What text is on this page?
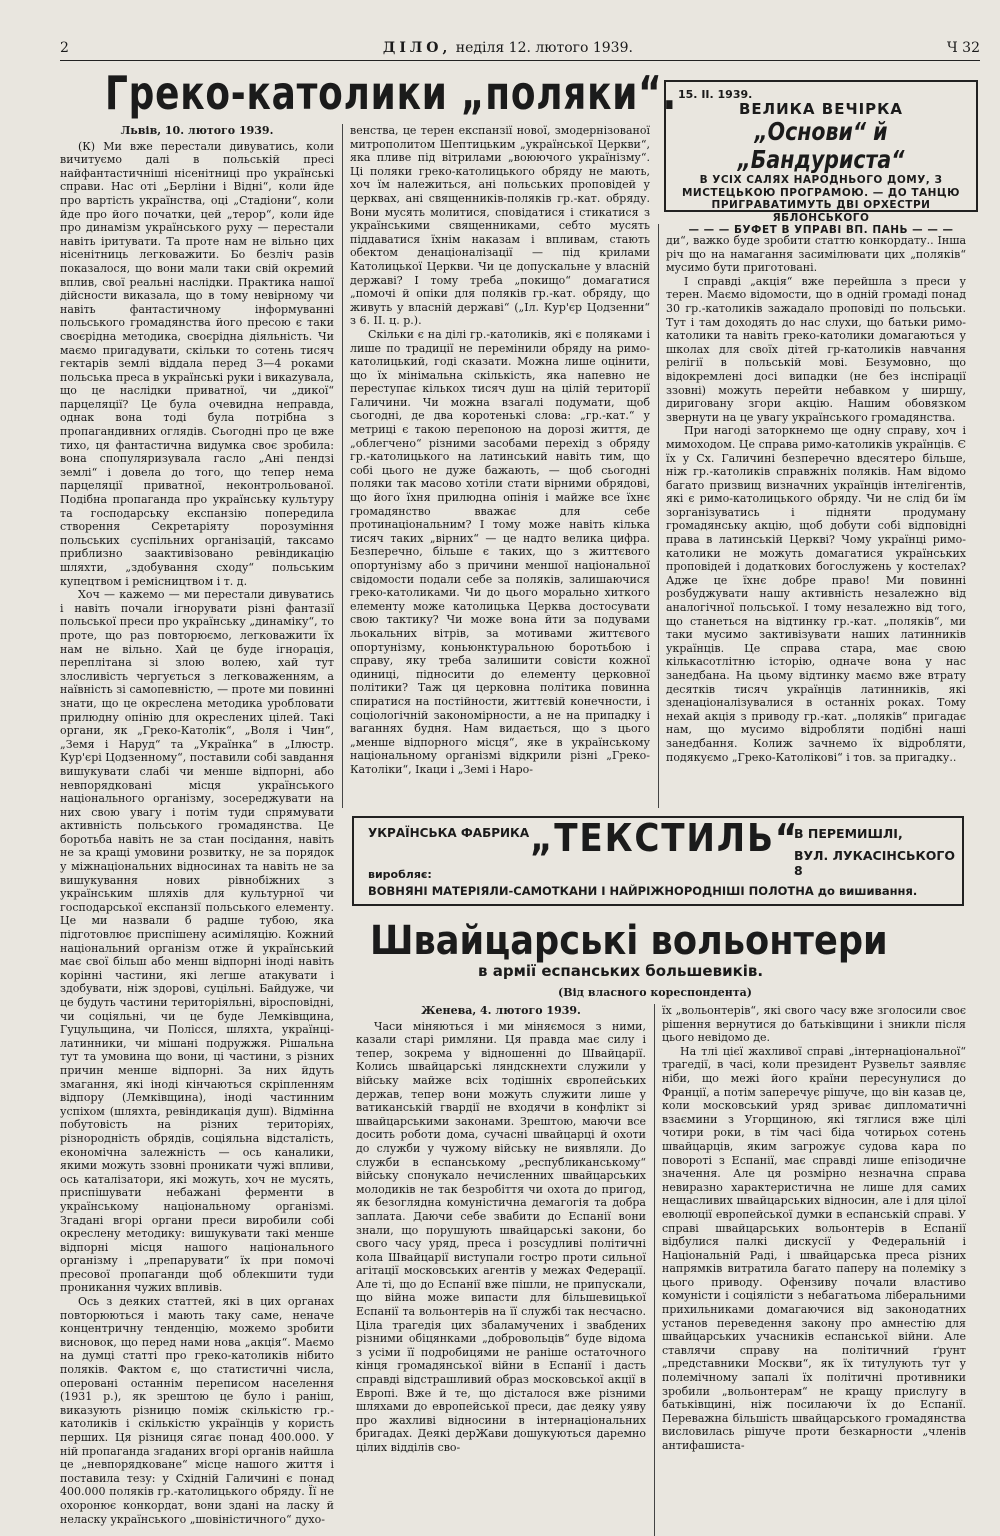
2	ДІЛО, неділя 12. лютого 1939.	Ч 32
Греко-католики „поляки“.

Львів, 10. лютого 1939.

(К) Ми вже перестали дивуватись, коли вичитуємо далі в польській пресі найфантастичніші нісенітниці про українські справи. Нас оті „Берліни і Відні“, коли йде про вартість українства, оці „Стадіони“, коли йде про його початки, цей „терор“, коли йде про динамізм українського руху — перестали навіть іритувати. Та проте нам не вільно цих нісенітниць легковажити. Бо безліч разів показалося, що вони мали таки свій окремий вплив, свої реальні наслідки. Практика нашої дійсности виказала, що в тому невірному чи навіть фантастичному інформуванні польського громадянства його пресою є таки своєрідна методика, своєрідна діяльність. Чи маємо пригадувати, скільки то сотень тисяч гектарів землі віддала перед 3—4 роками польська преса в українські руки і викazувала, що це наслідки приватної, чи „дикої“ парцеляції? Це була очевидна неправда, однак вона тоді була потрібна з пропагандивних оглядів. Сьогодні про це вже тихо, ця фантастична видумка своє зробила: вона спопуляризувала гасло „Ані пендзі землі“ і довела до того, що тепер нема парцеляції приватної, неконтрольованої. Подібна пропаганда про українську культуру та господарську експанзію попередила створення Секретаріяту порозуміння польських суспільних організацій, таксамо приблизно заактивізовано ревіндикацію шляхти, „здобування сходу“ польським купецтвом і ремісництвом і т. д.

Хоч — кажемо — ми перестали дивуватись і навіть почали ігнорувати різні фантазії польської преси про українську „динаміку“, то проте, що раз повторюємо, легковажити їх нам не вільно. Хай це буде ігнорація, переплітана зі злою волею, хай тут злосливість чергується з легковаженням, а наївність зі самопевністю, — проте ми повинні знати, що це окреслена методика уробловати прилюдну опінію для окреслених цілей. Такі органи, як „Греко-Католік“, „Воля і Чин“, „Земя і Нарyд“ та „Українка“ в „Ілюстр. Кур'єрі Цодзенному“, поставили собі завдання вишукувати слабі чи менше відпорні, або невпорядковані місця українського національного організму, зосереджувати на них свою увагу і потім туди спрямувати активність польського громадянства. Це боротьба навіть не за стан посідання, навіть не за кращі умовини розвитку, не за порядок у міжнаціональних відносинах та навіть не за вишукування нових рівнобіжних з українським шляхів для культурної чи господарської експанзії польського елементу. Це ми назвали б радше тубою, яка підготовлює приспішену асиміляцію. Кожний національний організм отже й український має свої більш або менш відпорні іноді навіть корінні частини, які легше атакувати і здобувати, ніж здорові, суцільні. Байдуже, чи це будуть частини територіяльні, віросповідні, чи соціяльні, чи це буде Лемківщина, Гуцульщина, чи Полісся, шляхта, українці-латинники, чи мішані подружжя. Рішальна тут та умовина що вони, ці частини, з різних причин менше відпорні. За них йдуть змагання, які іноді кінчаються скріпленням відпору (Лемківщина), іноді частинним успіхом (шляхта, ревіндикація душ). Відмінна побутовість на різних територіях, різнородність обрядів, соціяльна відсталість, економічна залежність — ось каналики, якими можуть ззовні проникати чужі впливи, ось каталізатори, які можуть, хоч не мусять, приспішувати небажані ферменти в українському національному організмі. Згадані вгорі органи преси виробили собі окреслену методику: вишукувати такі менше відпорні місця нашого національного організму і „препарувати“ їх при помочі пресової пропаганди щоб облекшити туди проникання чужих впливів.

Ось з деяких статтей, які в цих органах повторюються і мають таку саме, неначе концентричну тенденцію, можемо зробити висновок, що перед нами нова „акція“. Маємо на думці статті про греко-католиків нібито поляків. Фактом є, що статистичні числа, оперовані останнім переписом населення (1931 р.), як зрештою це було і раніш, виказують різницю поміж скількістю гр.-католиків і скількістю українців у користь перших. Ця різниця сягає понад 400.000. У ній пропаганда згаданих вгорі органів найшла це „невпорядковане“ місце нашого життя і поставила тезу: у Східній Галичині є понад 400.000 поляків гр.-католицького обряду. Її не охоронює конкордат, вони здані на ласку й неласку українського „шовіністичного“ духо-

венства, це терен експанзії нової, змодернізованої митрополитом Шептицьким „української Церкви“, яка пливе під вітрилами „воюючого українізму“. Ці поляки греко-католицького обряду не мають, хоч їм належиться, ані польських проповідей у церквах, ані священників-поляків гр.-кат. обряду. Вони мусять молитися, сповідатися і стикатися з українськими священниками, себто мусять піддаватися їхнім наказам і впливам, стають обектом денаціоналізації — під крилами Католицької Церкви. Чи це допускальне у власній державі? І тому треба „покищо“ домагатися „помочі й опіки для поляків гр.-кат. обряду, що живуть у власній державі“ („Іл. Кур'єр Цодзенни“ з 6. II. ц. р.).

Скільки є на ділі гр.-католиків, які є поляками і лише по традиції не перемінили обряду на римо-католицький, годі сказати. Можна лише оцінити, що їх мінімальна скількість, яка напевно не переступає кількох тисяч душ на цілій території Галичини. Чи можна взагалі подумати, щоб сьогодні, де два коротенькі слова: „гр.-кат.“ у метриці є такою перепоною на дорозі життя, де „облегчено“ різними засобами перехід з обряду гр.-католицького на латинський навіть тим, що собі цього не дуже бажають, — щоб сьогодні поляки так масово хотіли стати вірними обрядові, що його їхня прилюдна опінія і майже все їхнє громадянство вважає для себе протинаціональним? І тому може навіть кілька тисяч таких „вірних“ — це надто велика цифра. Безперечно, більше є таких, що з життєвого опортунізму або з причини меншої національної свідомости подали себе за поляків, залишаючися греко-католиками. Чи до цього морально хиткого елементу може католицька Церква достосувати свою тактику? Чи може вона йти за подувами льокальних вітрів, за мотивами життєвого опортунізму, коньюнктуральною боротьбою і справу, яку треба залишити совісти кожної одиниці, підносити до елементу церковної політики? Таж ця церковна політика повинна спиратися на постійности, життєвій конечности, і соціологічній закономірности, а не на припадку і ваганнях будня. Нам видається, що з цього „менше відпорного місця“, яке в українському національному організмі відкрили різні „Греко-Католіки“, Ікаци і „Земі і Наро-

15. II. 1939.
ВЕЛИКА ВЕЧІРКА
„Основи“ й „Бандуриста“
В УСІХ САЛЯХ НАРОДНЬОГО ДОМУ, З МИСТЕЦЬКОЮ ПРОГРАМОЮ. — ДО ТАНЦЮ ПРИГРАВАТИМУТЬ ДВІ ОРХЕСТРИ ЯБЛОНСЬКОГО
— — — БУФЕТ В УПРАВІ ВП. ПАНЬ — — —

ди“, важко буде зробити статтю конкордату.. Інша річ що на намагання засимілювати цих „поляків“ мусимо бути приготовані.

І справді „акція“ вже перейшла з преси у терен. Маємо відомости, що в одній громаді понад 30 гр.-католиків зажадало проповіді по польськи. Тут і там доходять до нас слухи, що батьки римо-католики та навіть греко-католики домагаються у школах для своїх дітей гр-католиків навчання релігії в польській мові. Безумовно, що відокремлені досі випадки (не без інспірації ззовні) можуть перейти небавком у ширшу, дириговану згори акцію. Нашим обовязком звернути на це увагу українського громадянства.

При нагоді заторкнемо ще одну справу, хоч і мимоходом. Це справа римо-католиків українців. Є їх у Сх. Галичині безперечно вдесятеро більше, ніж гр.-католиків справжніх поляків. Нам відомо багато призвищ визначних українців інтелігентів, які є римо-католицького обряду. Чи не слід би їм зорганізуватись і підняти продуману громадянську акцію, щоб добути собі відповідні права в латинській Церкві? Чому українці римо-католики не можуть домагатися українських проповідей і додаткових богослужень у костелах? Адже це їхнє добре право! Ми повинні розбуджувати нашу активність незалежно від аналогічної польської. І тому незалежно від того, що станеться на відтинку гр.-кат. „поляків“, ми таки мусимо зактивізувати наших латинників українців. Це справа стара, має свою кількасотлітню історію, одначе вона у нас занедбана. На цьому відтинку маємо вже втрату десятків тисяч українців латинників, які зденаціоналізувалися в останніх роках. Тому нехай акція з приводу гр.-кат. „поляків“ пригадає нам, що мусимо відробляти подібні наші занедбання. Колиж зачнемо їх відробляти, подякуємо „Греко-Католікові“ і тов. за пригадку..

УКРАЇНСЬКА ФАБРИКА „ТЕКСТИЛЬ“
В ПЕРЕМИШЛІ,
ВУЛ. ЛУКАСІНСЬКОГО 8
виробляє:
ВОВНЯНІ МАТЕРІЯЛИ-САМОТКАНИ І НАЙРІЖНОРОДНІШІ ПОЛОТНА до вишивання.
Швайцарські вольонтери
в армії еспанських большевиків.
(Від власного кореспондента)

Женева, 4. лютого 1939.

Часи міняються і ми міняємося з ними, казали старі римляни. Ця правда має силу і тепер, зокрема у відношенні до Швайцарії. Колись швайцарські ляндскнехти служили у війську майже всіх тодішніх європейських держав, тепер вони можуть служити лише у ватиканській гвардії не входячи в конфлікт зі швайцарськими законами. Зрештою, маючи все досить роботи дома, сучасні швайцарці й охоти до служби у чужому війську не виявляли. До служби в еспанському „республиканському“ війську спонукало нечисленних швайцарських молодиків не так безробіття чи охота до пригод, як безоглядна комуністична демагогія та добра заплата. Даючи себе звабити до Еспанії вони знали, що порушують швайцарські закони, бо свого часу уряд, преса і розсудливі політичні кола Швайцарії виступали гостро проти сильної агітації московських агентів у межах Федерації. Але ті, що до Еспанії вже пішли, не припускали, що війна може випасти для більшевицької Еспанії та вольонтерів на її службі так несчасно. Ціла трагедія цих збаламучених і звабдених різними обіцянками „добровольців“ буде відома з усіми її подробицями не раніше остаточного кінця громадянської війни в Еспанії і дасть справді відстрашливий образ московської акції в Европі. Вже й те, що дісталося вже різними шляхами до европейської преси, дає деяку уяву про жахливі відносини в інтернаціональних бригадах. Деякі дерЖави дошукуються даремно цілих відділів сво-

їх „вольонтерів“, які свого часу вже зголосили своє рішення вернутися до батьківщини і зникли після цього невідомо де.

На тлі цієї жахливої справі „інтернаціональної“ трагедії, в часі, коли президент Рузвельт заявляє ніби, що межі його країни пересунулися до Франції, а потім заперечує рішуче, що він казав це, коли московський уряд зриває дипломатичні взаємини з Угорщиною, які тяглися вже цілі чотири роки, в тім часі біда чотирьох сотень швайцарців, яким загрожує судова кара по повороті з Еспанії, має справді лише епізодичне значення. Але ця розмірно незначна справа невиразно характеристична не лише для самих нещасливих швайцарських відносин, але і для цілої еволюції европейської думки в еспанській справі. У справі швайцарських вольонтерів в Еспанії відбулися палкі дискусії у Федеральній і Національній Раді, і швайцарська преса різних напрямків витратила багато паперу на полеміку з цього приводу. Офензиву почали властиво комуністи і соціялісти з небагатьома ліберальними прихильниками домагаючися від законодатних установ переведення закону про амнестію для швайцарських учасників еспанської війни. Але ставлячи справу на політичний ґрунт „представники Москви“, як їх титулують тут у полемічному запалі їх політичні противники зробили „вольонтерам“ не кращу прислугу в батьківщині, ніж посилаючи їх до Еспанії. Переважна більшість швайцарського громадянства висловилась рішуче проти безкарности „членів антифашиста-
